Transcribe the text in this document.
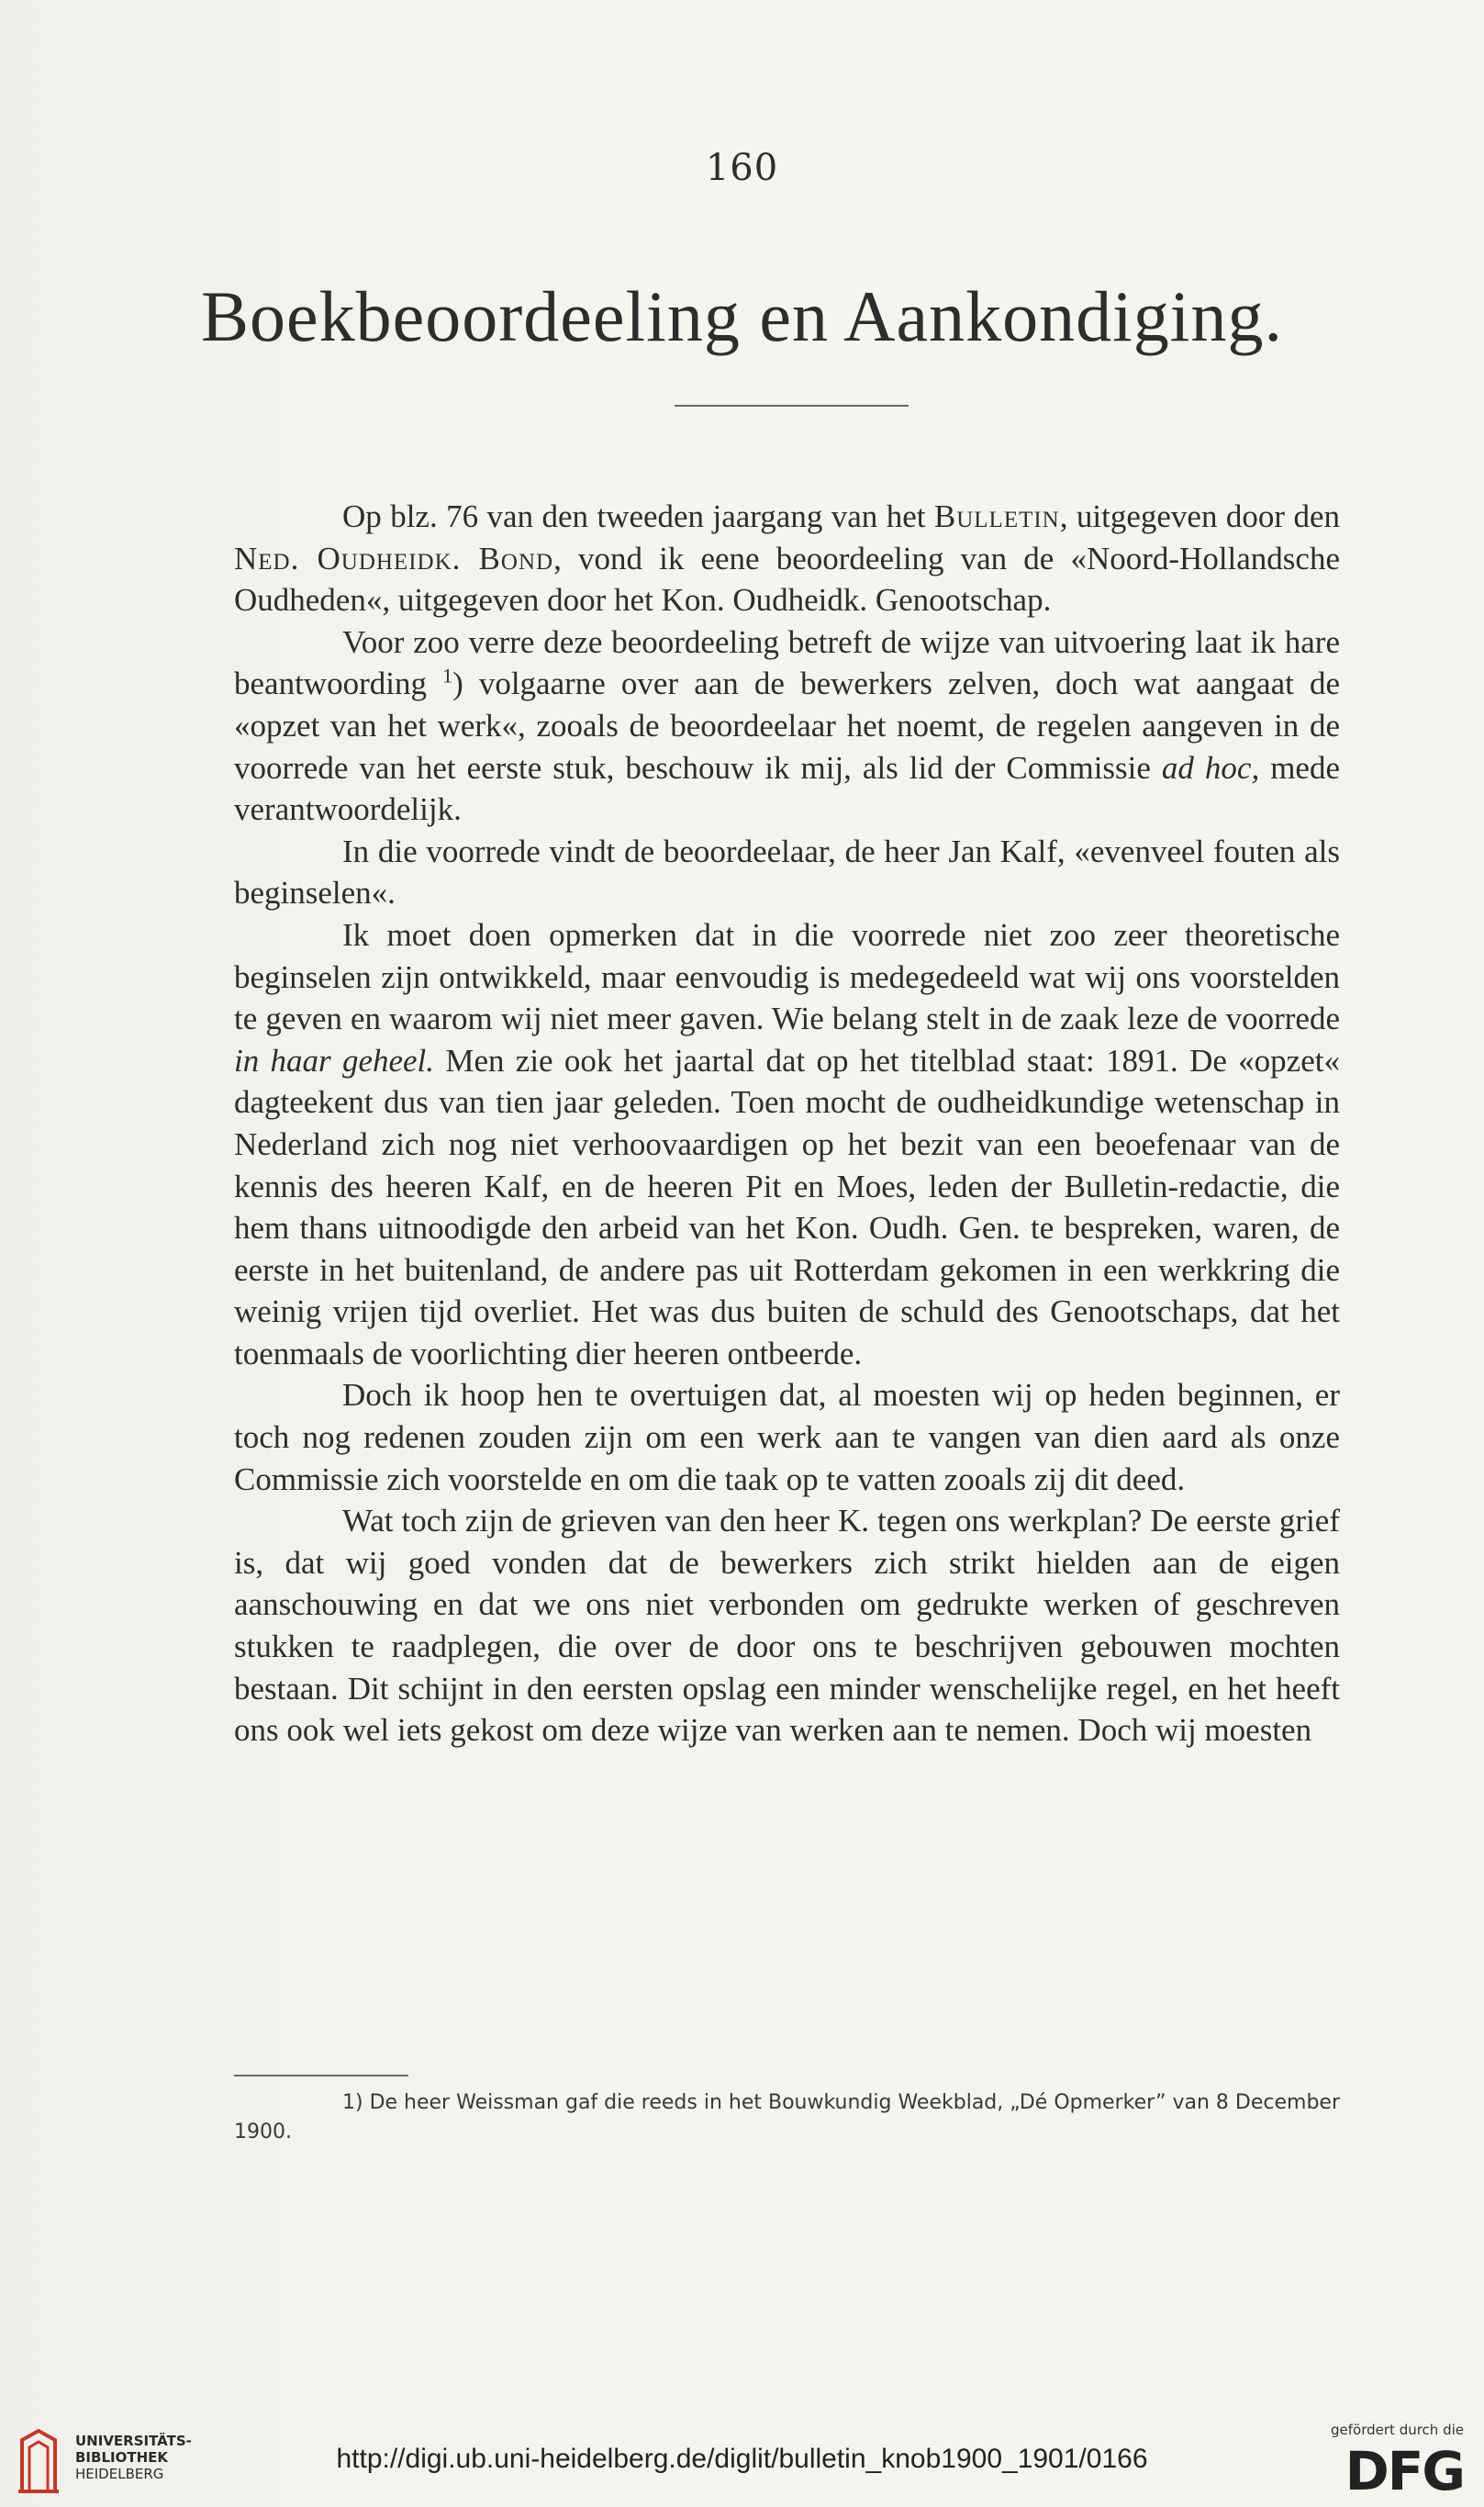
160
Boekbeoordeeling en Aankondiging.

Op blz. 76 van den tweeden jaargang van het Bulletin, uitgegeven door den Ned. Oudheidk. Bond, vond ik eene beoordeeling van de «Noord-Hollandsche Oudheden«, uitgegeven door het Kon. Oudheidk. Genootschap.

Voor zoo verre deze beoordeeling betreft de wijze van uitvoering laat ik hare beantwoording $^1$) volgaarne over aan de bewerkers zelven, doch wat aangaat de «opzet van het werk«, zooals de beoordeelaar het noemt, de regelen aangeven in de voorrede van het eerste stuk, beschouw ik mij, als lid der Commissie ad hoc, mede verantwoordelijk.

In die voorrede vindt de beoordeelaar, de heer Jan Kalf, «evenveel fouten als beginselen«.

Ik moet doen opmerken dat in die voorrede niet zoo zeer theoretische beginselen zijn ontwikkeld, maar eenvoudig is medegedeeld wat wij ons voorstelden te geven en waarom wij niet meer gaven. Wie belang stelt in de zaak leze de voorrede in haar geheel. Men zie ook het jaartal dat op het titelblad staat: 1891. De «opzet« dagteekent dus van tien jaar geleden. Toen mocht de oudheidkundige wetenschap in Nederland zich nog niet verhoovaardigen op het bezit van een beoefenaar van de kennis des heeren Kalf, en de heeren Pit en Moes, leden der Bulletin-redactie, die hem thans uitnoodigde den arbeid van het Kon. Oudh. Gen. te bespreken, waren, de eerste in het buitenland, de andere pas uit Rotterdam gekomen in een werkkring die weinig vrijen tijd overliet. Het was dus buiten de schuld des Genootschaps, dat het toenmaals de voorlichting dier heeren ontbeerde.

Doch ik hoop hen te overtuigen dat, al moesten wij op heden beginnen, er toch nog redenen zouden zijn om een werk aan te vangen van dien aard als onze Commissie zich voorstelde en om die taak op te vatten zooals zij dit deed.

Wat toch zijn de grieven van den heer K. tegen ons werkplan? De eerste grief is, dat wij goed vonden dat de bewerkers zich strikt hielden aan de eigen aanschouwing en dat we ons niet verbonden om gedrukte werken of geschreven stukken te raadplegen, die over de door ons te beschrijven gebouwen mochten bestaan. Dit schijnt in den eersten opslag een minder wenschelijke regel, en het heeft ons ook wel iets gekost om deze wijze van werken aan te nemen. Doch wij moesten

1) De heer Weissman gaf die reeds in het Bouwkundig Weekblad, „Dé Opmerker” van 8 December 1900.

UNIVERSITÄTS-
BIBLIOTHEK
HEIDELBERG	http://digi.ub.uni-heidelberg.de/diglit/bulletin_knob1900_1901/0166
gefördert durch die
DFG
